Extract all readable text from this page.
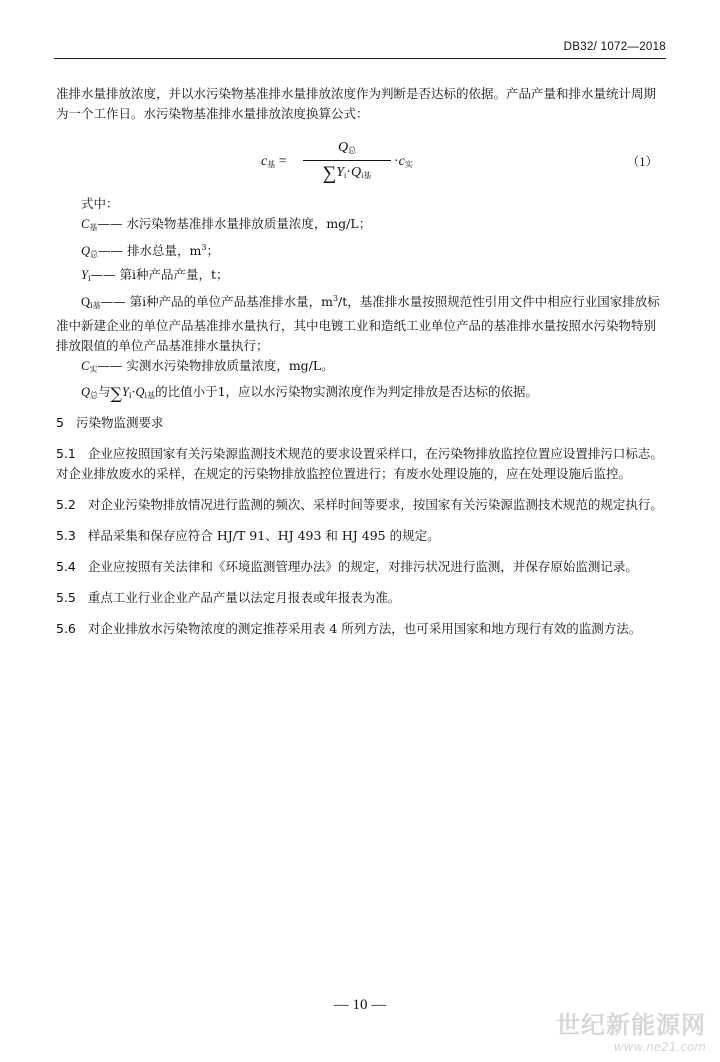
DB32/ 1072—2018

准排水量排放浓度，并以水污染物基准排水量排放浓度作为判断是否达标的依据。产品产量和排水量统计周期为一个工作日。水污染物基准排水量排放浓度换算公式：

$c_基$ =
$Q_总$
$\sum Y_i\cdot Q_{i基}$
$\cdot c_实$	（1）

式中：

$C_基——$ 水污染物基准排水量排放质量浓度，mg/L；

$Q_总——$ 排水总量，$m^3$；

$Y_i——$ 第i种产品产量，t；

$Q_{i基}——$ 第i种产品的单位产品基准排水量，$m^3/t$，基准排水量按照规范性引用文件中相应行业国家排放标准中新建企业的单位产品基准排水量执行，其中电镀工业和造纸工业单位产品的基准排水量按照水污染物特别排放限值的单位产品基准排水量执行；

$C_实——$ 实测水污染物排放质量浓度，mg/L。

$Q_总$与$\sum Y_i\cdot Q_{i基}$的比值小于1，应以水污染物实测浓度作为判定排放是否达标的依据。

5 污染物监测要求

5.1 企业应按照国家有关污染源监测技术规范的要求设置采样口，在污染物排放监控位置应设置排污口标志。对企业排放废水的采样，在规定的污染物排放监控位置进行；有废水处理设施的，应在处理设施后监控。

5.2 对企业污染物排放情况进行监测的频次、采样时间等要求，按国家有关污染源监测技术规范的规定执行。

5.3 样品采集和保存应符合 HJ/T 91、HJ 493 和 HJ 495 的规定。

5.4 企业应按照有关法律和《环境监测管理办法》的规定，对排污状况进行监测，并保存原始监测记录。

5.5 重点工业行业企业产品产量以法定月报表或年报表为准。

5.6 对企业排放水污染物浓度的测定推荐采用表 4 所列方法，也可采用国家和地方现行有效的监测方法。

— 10 —
世纪新能源网
www.ne21.com
